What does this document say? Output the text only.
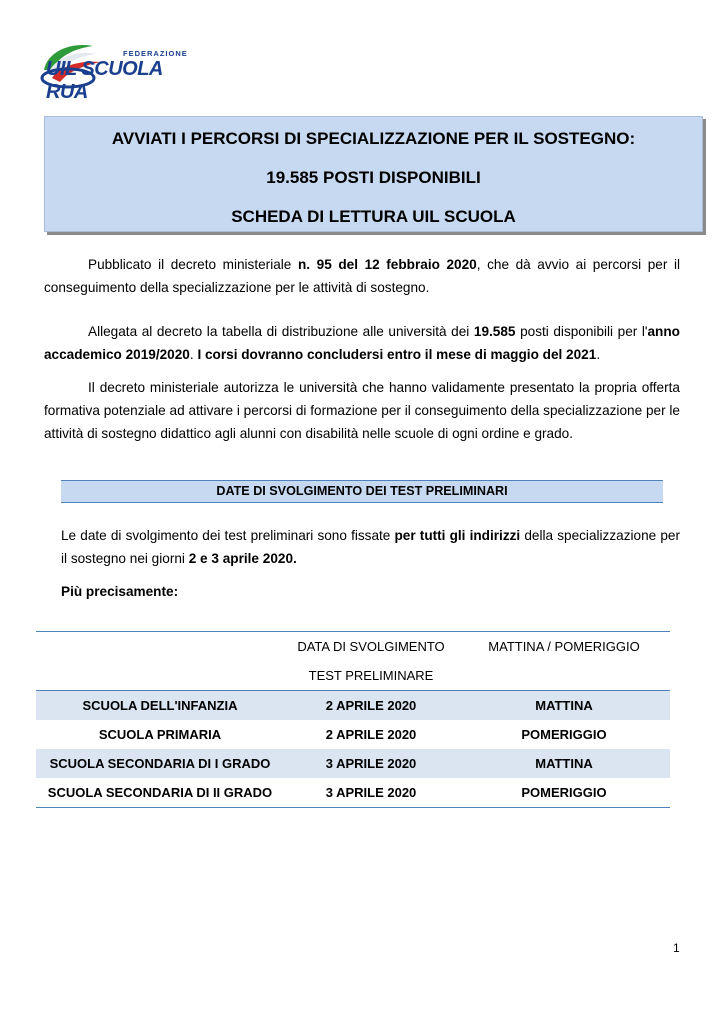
FEDERAZIONE
UIL SCUOLA RUA
AVVIATI I PERCORSI DI SPECIALIZZAZIONE PER IL SOSTEGNO:
19.585 POSTI DISPONIBILI
SCHEDA DI LETTURA UIL SCUOLA
Pubblicato il decreto ministeriale n. 95 del 12 febbraio 2020, che dà avvio ai percorsi per il conseguimento della specializzazione per le attività di sostegno.
Allegata al decreto la tabella di distribuzione alle università dei 19.585 posti disponibili per l'anno accademico 2019/2020. I corsi dovranno concludersi entro il mese di maggio del 2021.
Il decreto ministeriale autorizza le università che hanno validamente presentato la propria offerta formativa potenziale ad attivare i percorsi di formazione per il conseguimento della specializzazione per le attività di sostegno didattico agli alunni con disabilità nelle scuole di ogni ordine e grado.
DATE DI SVOLGIMENTO DEI TEST PRELIMINARI
Le date di svolgimento dei test preliminari sono fissate per tutti gli indirizzi della specializzazione per il sostegno nei giorni 2 e 3 aprile 2020.
Più precisamente:
	DATA DI SVOLGIMENTO	MATTINA / POMERIGGIO
	TEST PRELIMINARE	
SCUOLA DELL'INFANZIA	2 APRILE 2020	MATTINA
SCUOLA PRIMARIA	2 APRILE 2020	POMERIGGIO
SCUOLA SECONDARIA DI I GRADO	3 APRILE 2020	MATTINA
SCUOLA SECONDARIA DI II GRADO	3 APRILE 2020	POMERIGGIO
1
